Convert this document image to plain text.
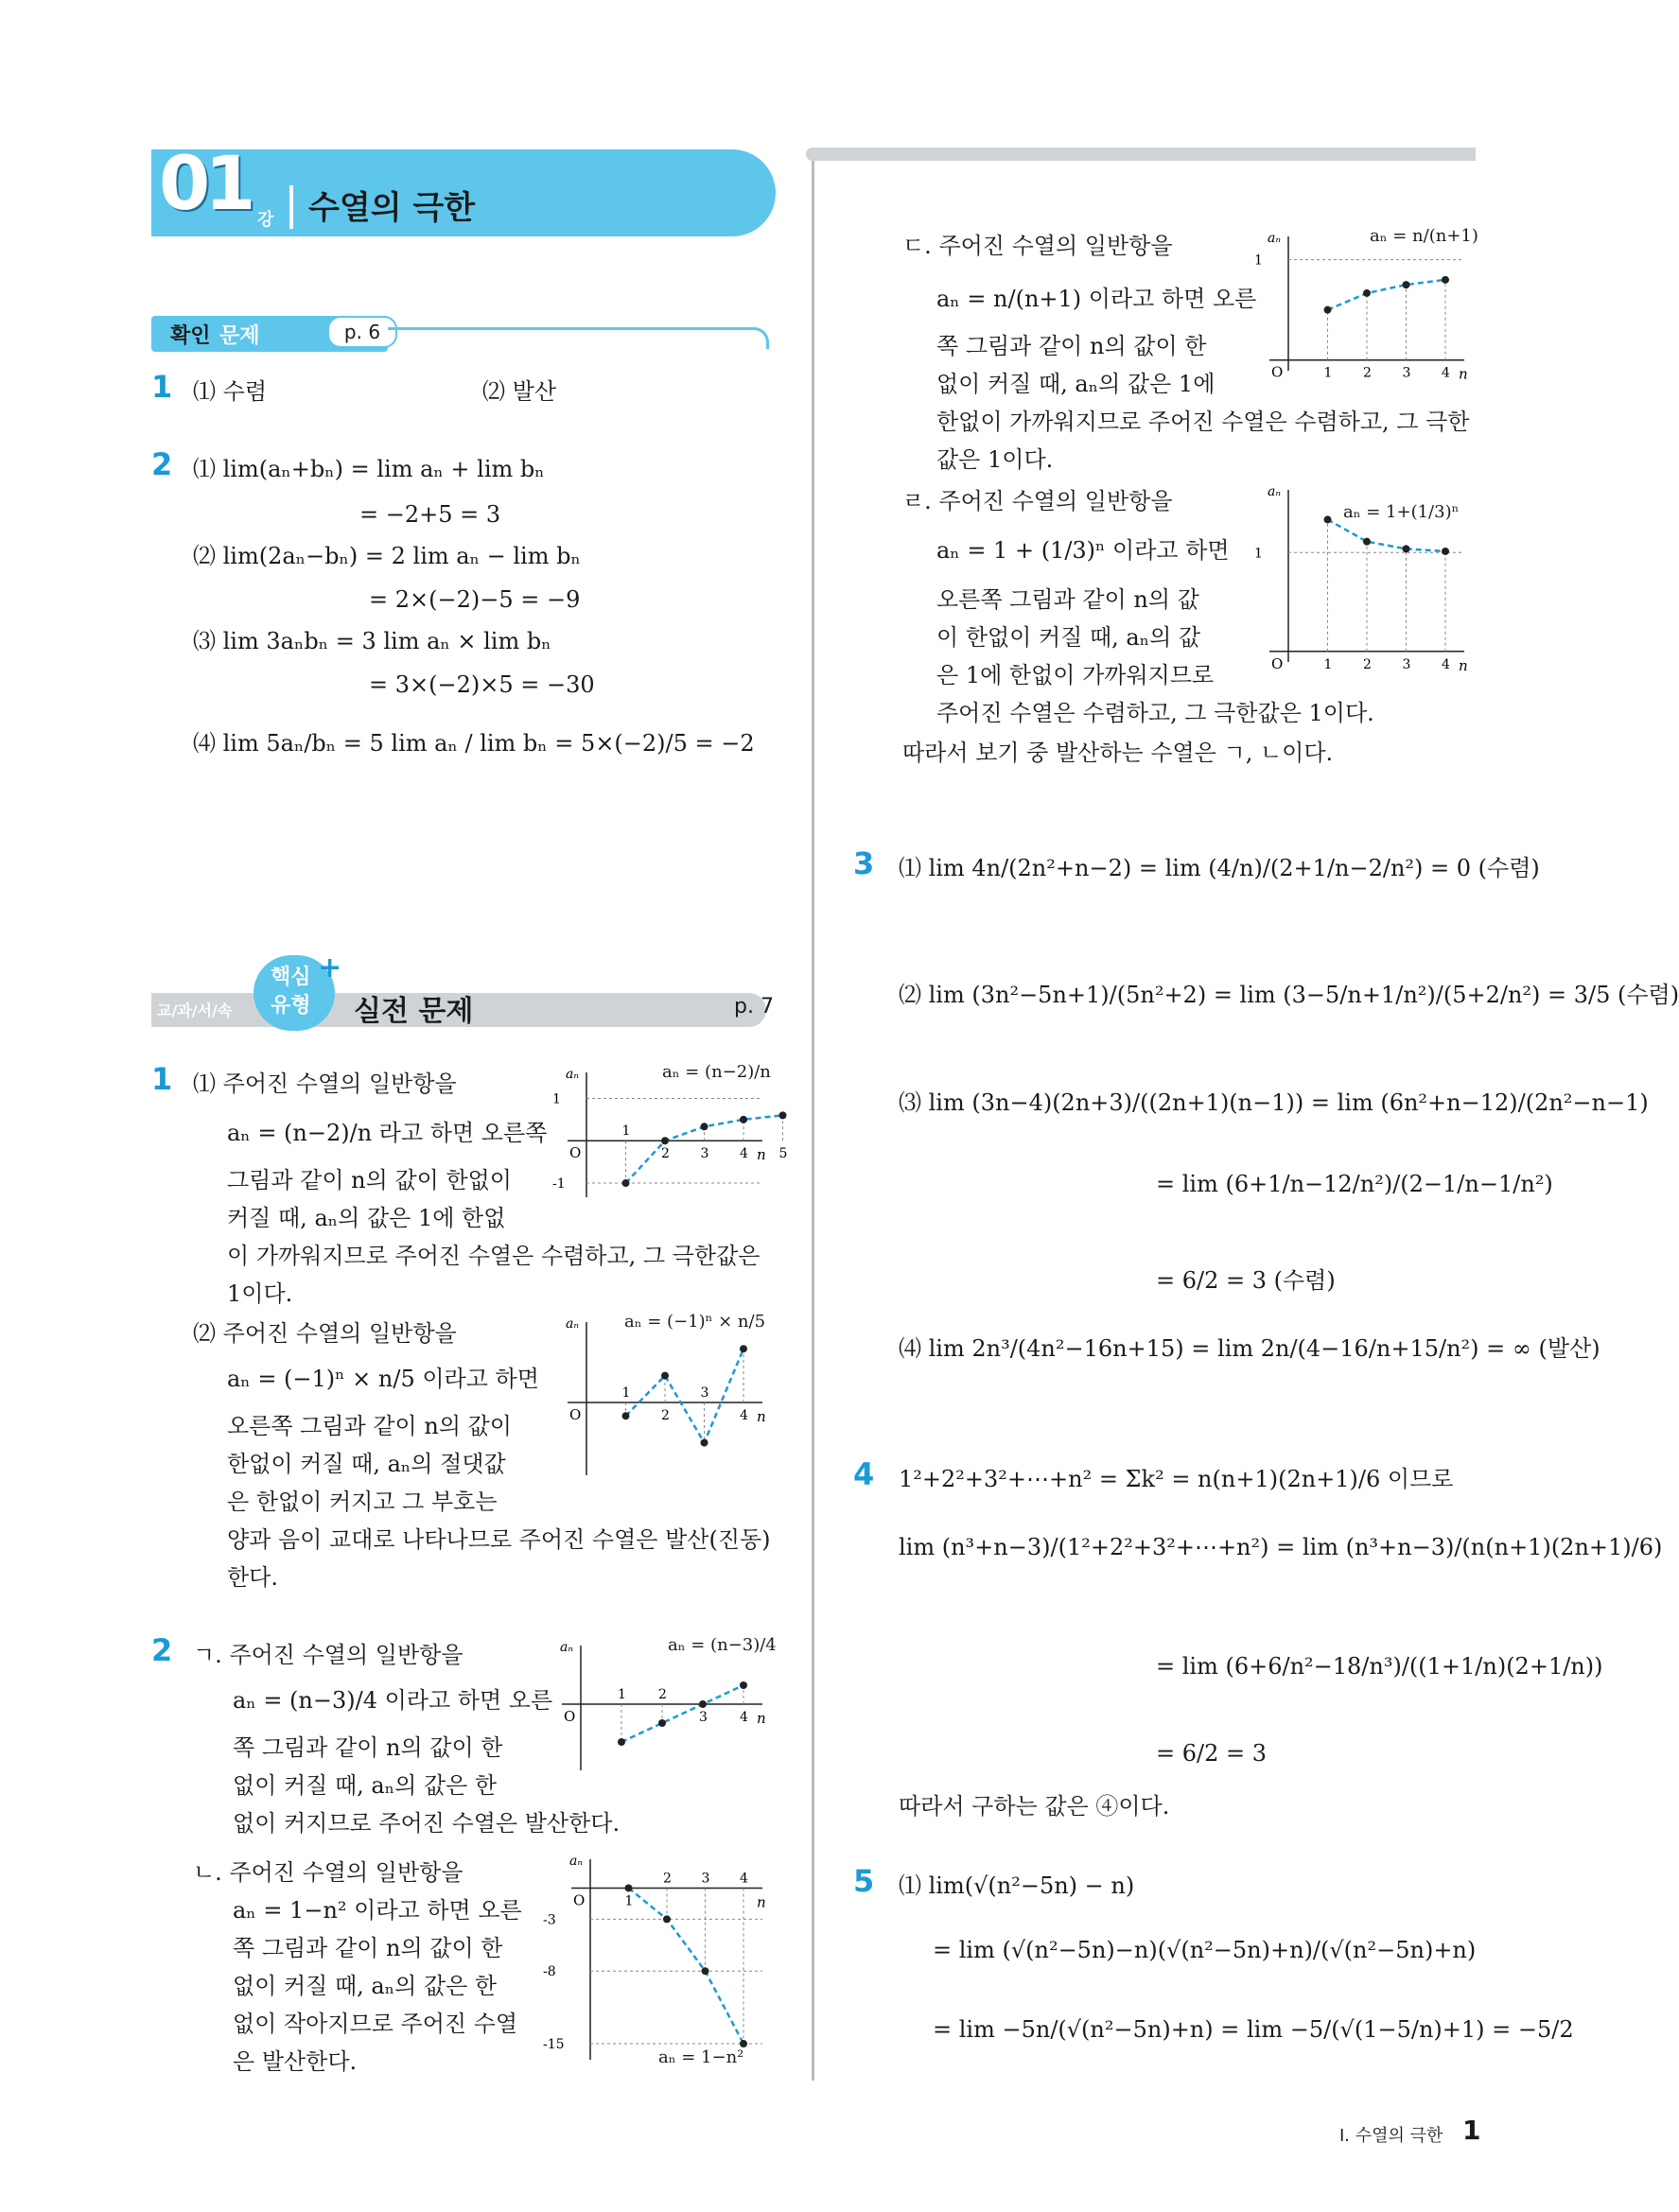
01 강 수열의 극한
확인 문제	p. 6
1 ⑴ 수렴	⑵ 발산
2 ⑴ lim(aₙ+bₙ) = lim aₙ + lim bₙ
= −2+5 = 3
⑵ lim(2aₙ−bₙ) = 2 lim aₙ − lim bₙ
= 2×(−2)−5 = −9
⑶ lim 3aₙbₙ = 3 lim aₙ × lim bₙ
= 3×(−2)×5 = −30
⑷ lim 5aₙ/bₙ = 5 lim aₙ / lim bₙ = 5×(−2)/5 = −2
교/과/서/속
핵심
유형
+
실전 문제	p. 7
1 ⑴ 주어진 수열의 일반항을
aₙ = (n−2)/n 라고 하면 오른쪽
그림과 같이 n의 값이 한없이
커질 때, aₙ의 값은 1에 한없
이 가까워지므로 주어진 수열은 수렴하고, 그 극한값은
1이다.
⑵ 주어진 수열의 일반항을
aₙ = (−1)ⁿ × n/5 이라고 하면
오른쪽 그림과 같이 n의 값이
한없이 커질 때, aₙ의 절댓값
은 한없이 커지고 그 부호는
양과 음이 교대로 나타나므로 주어진 수열은 발산(진동)
한다.
2 ㄱ. 주어진 수열의 일반항을
aₙ = (n−3)/4 이라고 하면 오른
쪽 그림과 같이 n의 값이 한
없이 커질 때, aₙ의 값은 한
없이 커지므로 주어진 수열은 발산한다.
ㄴ. 주어진 수열의 일반항을
aₙ = 1−n² 이라고 하면 오른
쪽 그림과 같이 n의 값이 한
없이 커질 때, aₙ의 값은 한
없이 작아지므로 주어진 수열
은 발산한다.
ㄷ. 주어진 수열의 일반항을
aₙ = n/(n+1) 이라고 하면 오른
쪽 그림과 같이 n의 값이 한
없이 커질 때, aₙ의 값은 1에
한없이 가까워지므로 주어진 수열은 수렴하고, 그 극한
값은 1이다.
ㄹ. 주어진 수열의 일반항을
aₙ = 1 + (1/3)ⁿ 이라고 하면
오른쪽 그림과 같이 n의 값
이 한없이 커질 때, aₙ의 값
은 1에 한없이 가까워지므로
주어진 수열은 수렴하고, 그 극한값은 1이다.
따라서 보기 중 발산하는 수열은 ㄱ, ㄴ이다.
3 ⑴ lim 4n/(2n²+n−2) = lim (4/n)/(2+1/n−2/n²) = 0 (수렴)
⑵ lim (3n²−5n+1)/(5n²+2) = lim (3−5/n+1/n²)/(5+2/n²) = 3/5 (수렴)
⑶ lim (3n−4)(2n+3)/((2n+1)(n−1)) = lim (6n²+n−12)/(2n²−n−1)
= lim (6+1/n−12/n²)/(2−1/n−1/n²)
= 6/2 = 3 (수렴)
⑷ lim 2n³/(4n²−16n+15) = lim 2n/(4−16/n+15/n²) = ∞ (발산)
4 1²+2²+3²+⋯+n² = Σk² = n(n+1)(2n+1)/6 이므로
lim (n³+n−3)/(1²+2²+3²+⋯+n²) = lim (n³+n−3)/(n(n+1)(2n+1)/6)
= lim (6+6/n²−18/n³)/((1+1/n)(2+1/n))
= 6/2 = 3
따라서 구하는 값은 ④이다.
5 ⑴ lim(√(n²−5n) − n)
= lim (√(n²−5n)−n)(√(n²−5n)+n)/(√(n²−5n)+n)
= lim −5n/(√(n²−5n)+n) = lim −5/(√(1−5/n)+1) = −5/2
aₙ
n
O
1
-1
1
2 3 4 5
aₙ
n
O
1
2
3
4
aₙ
n
O
1 2
3 4
aₙ
n
O
-3
-8
-15
1
2 3 4
aₙ
n
O
1
1 2 3 4
aₙ
n
O
1
1 2 3 4
aₙ = (n−2)/n
aₙ = (−1)ⁿ × n/5
aₙ = (n−3)/4
aₙ = 1−n²
aₙ = n/(n+1)
aₙ = 1+(1/3)ⁿ
I. 수열의 극한 1
